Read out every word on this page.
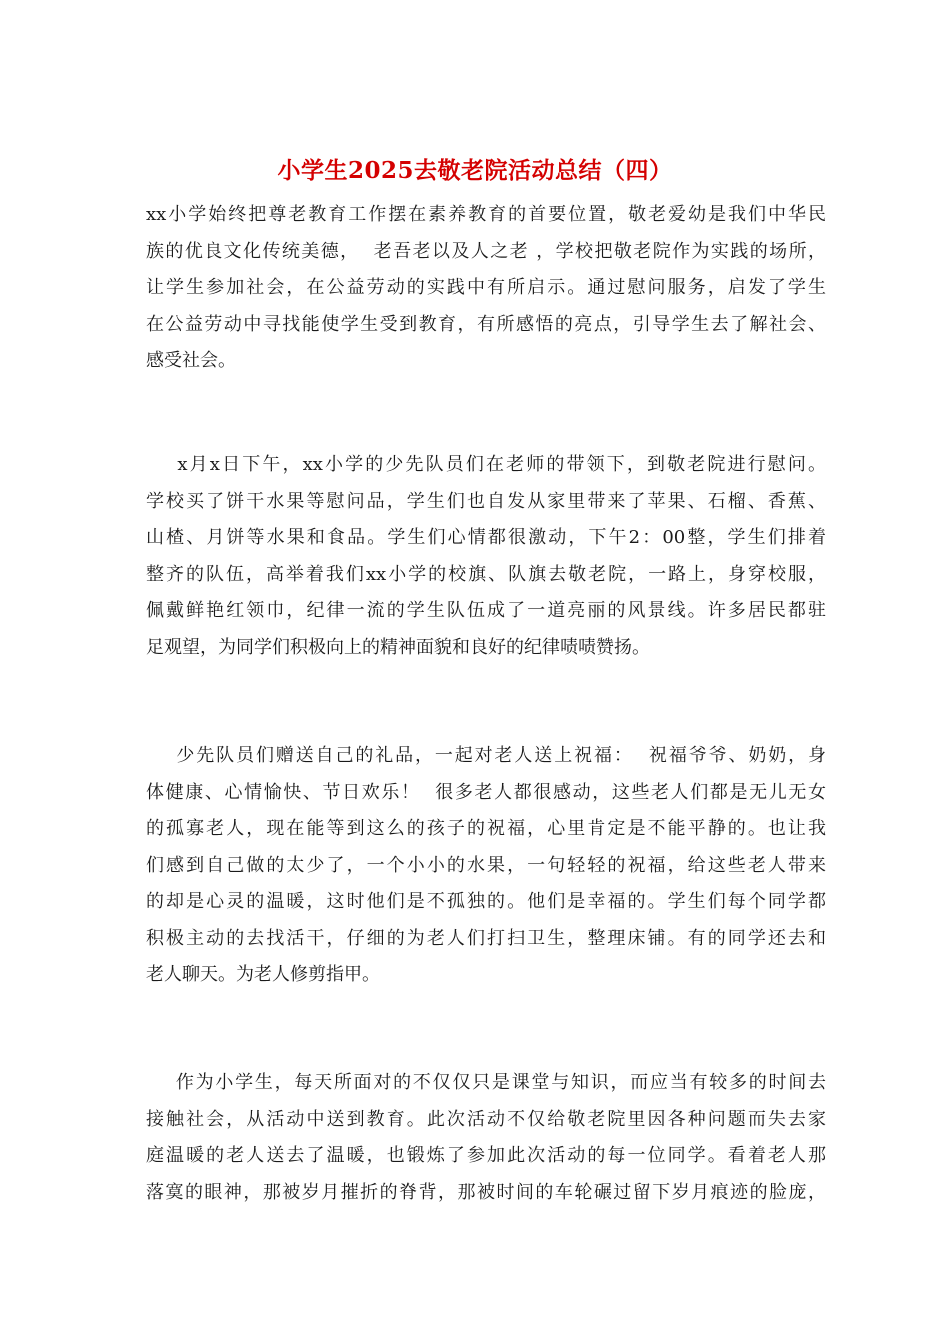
小学生2025去敬老院活动总结（四）
xx小学始终把尊老教育工作摆在素养教育的首要位置，敬老爱幼是我们中华民
族的优良文化传统美德，  老吾老以及人之老 ，学校把敬老院作为实践的场所，
让学生参加社会，在公益劳动的实践中有所启示。通过慰问服务，启发了学生
在公益劳动中寻找能使学生受到教育，有所感悟的亮点，引导学生去了解社会、
感受社会。
x月x日下午，xx小学的少先队员们在老师的带领下，到敬老院进行慰问。
学校买了饼干水果等慰问品，学生们也自发从家里带来了苹果、石榴、香蕉、
山楂、月饼等水果和食品。学生们心情都很激动，下午2：00整，学生们排着
整齐的队伍，高举着我们xx小学的校旗、队旗去敬老院，一路上，身穿校服，
佩戴鲜艳红领巾，纪律一流的学生队伍成了一道亮丽的风景线。许多居民都驻
足观望，为同学们积极向上的精神面貌和良好的纪律啧啧赞扬。
少先队员们赠送自己的礼品，一起对老人送上祝福：  祝福爷爷、奶奶，身
体健康、心情愉快、节日欢乐！  很多老人都很感动，这些老人们都是无儿无女
的孤寡老人，现在能等到这么的孩子的祝福，心里肯定是不能平静的。也让我
们感到自己做的太少了，一个小小的水果，一句轻轻的祝福，给这些老人带来
的却是心灵的温暖，这时他们是不孤独的。他们是幸福的。学生们每个同学都
积极主动的去找活干，仔细的为老人们打扫卫生，整理床铺。有的同学还去和
老人聊天。为老人修剪指甲。
作为小学生，每天所面对的不仅仅只是课堂与知识，而应当有较多的时间去
接触社会，从活动中送到教育。此次活动不仅给敬老院里因各种问题而失去家
庭温暖的老人送去了温暖，也锻炼了参加此次活动的每一位同学。看着老人那
落寞的眼神，那被岁月摧折的脊背，那被时间的车轮碾过留下岁月痕迹的脸庞，
